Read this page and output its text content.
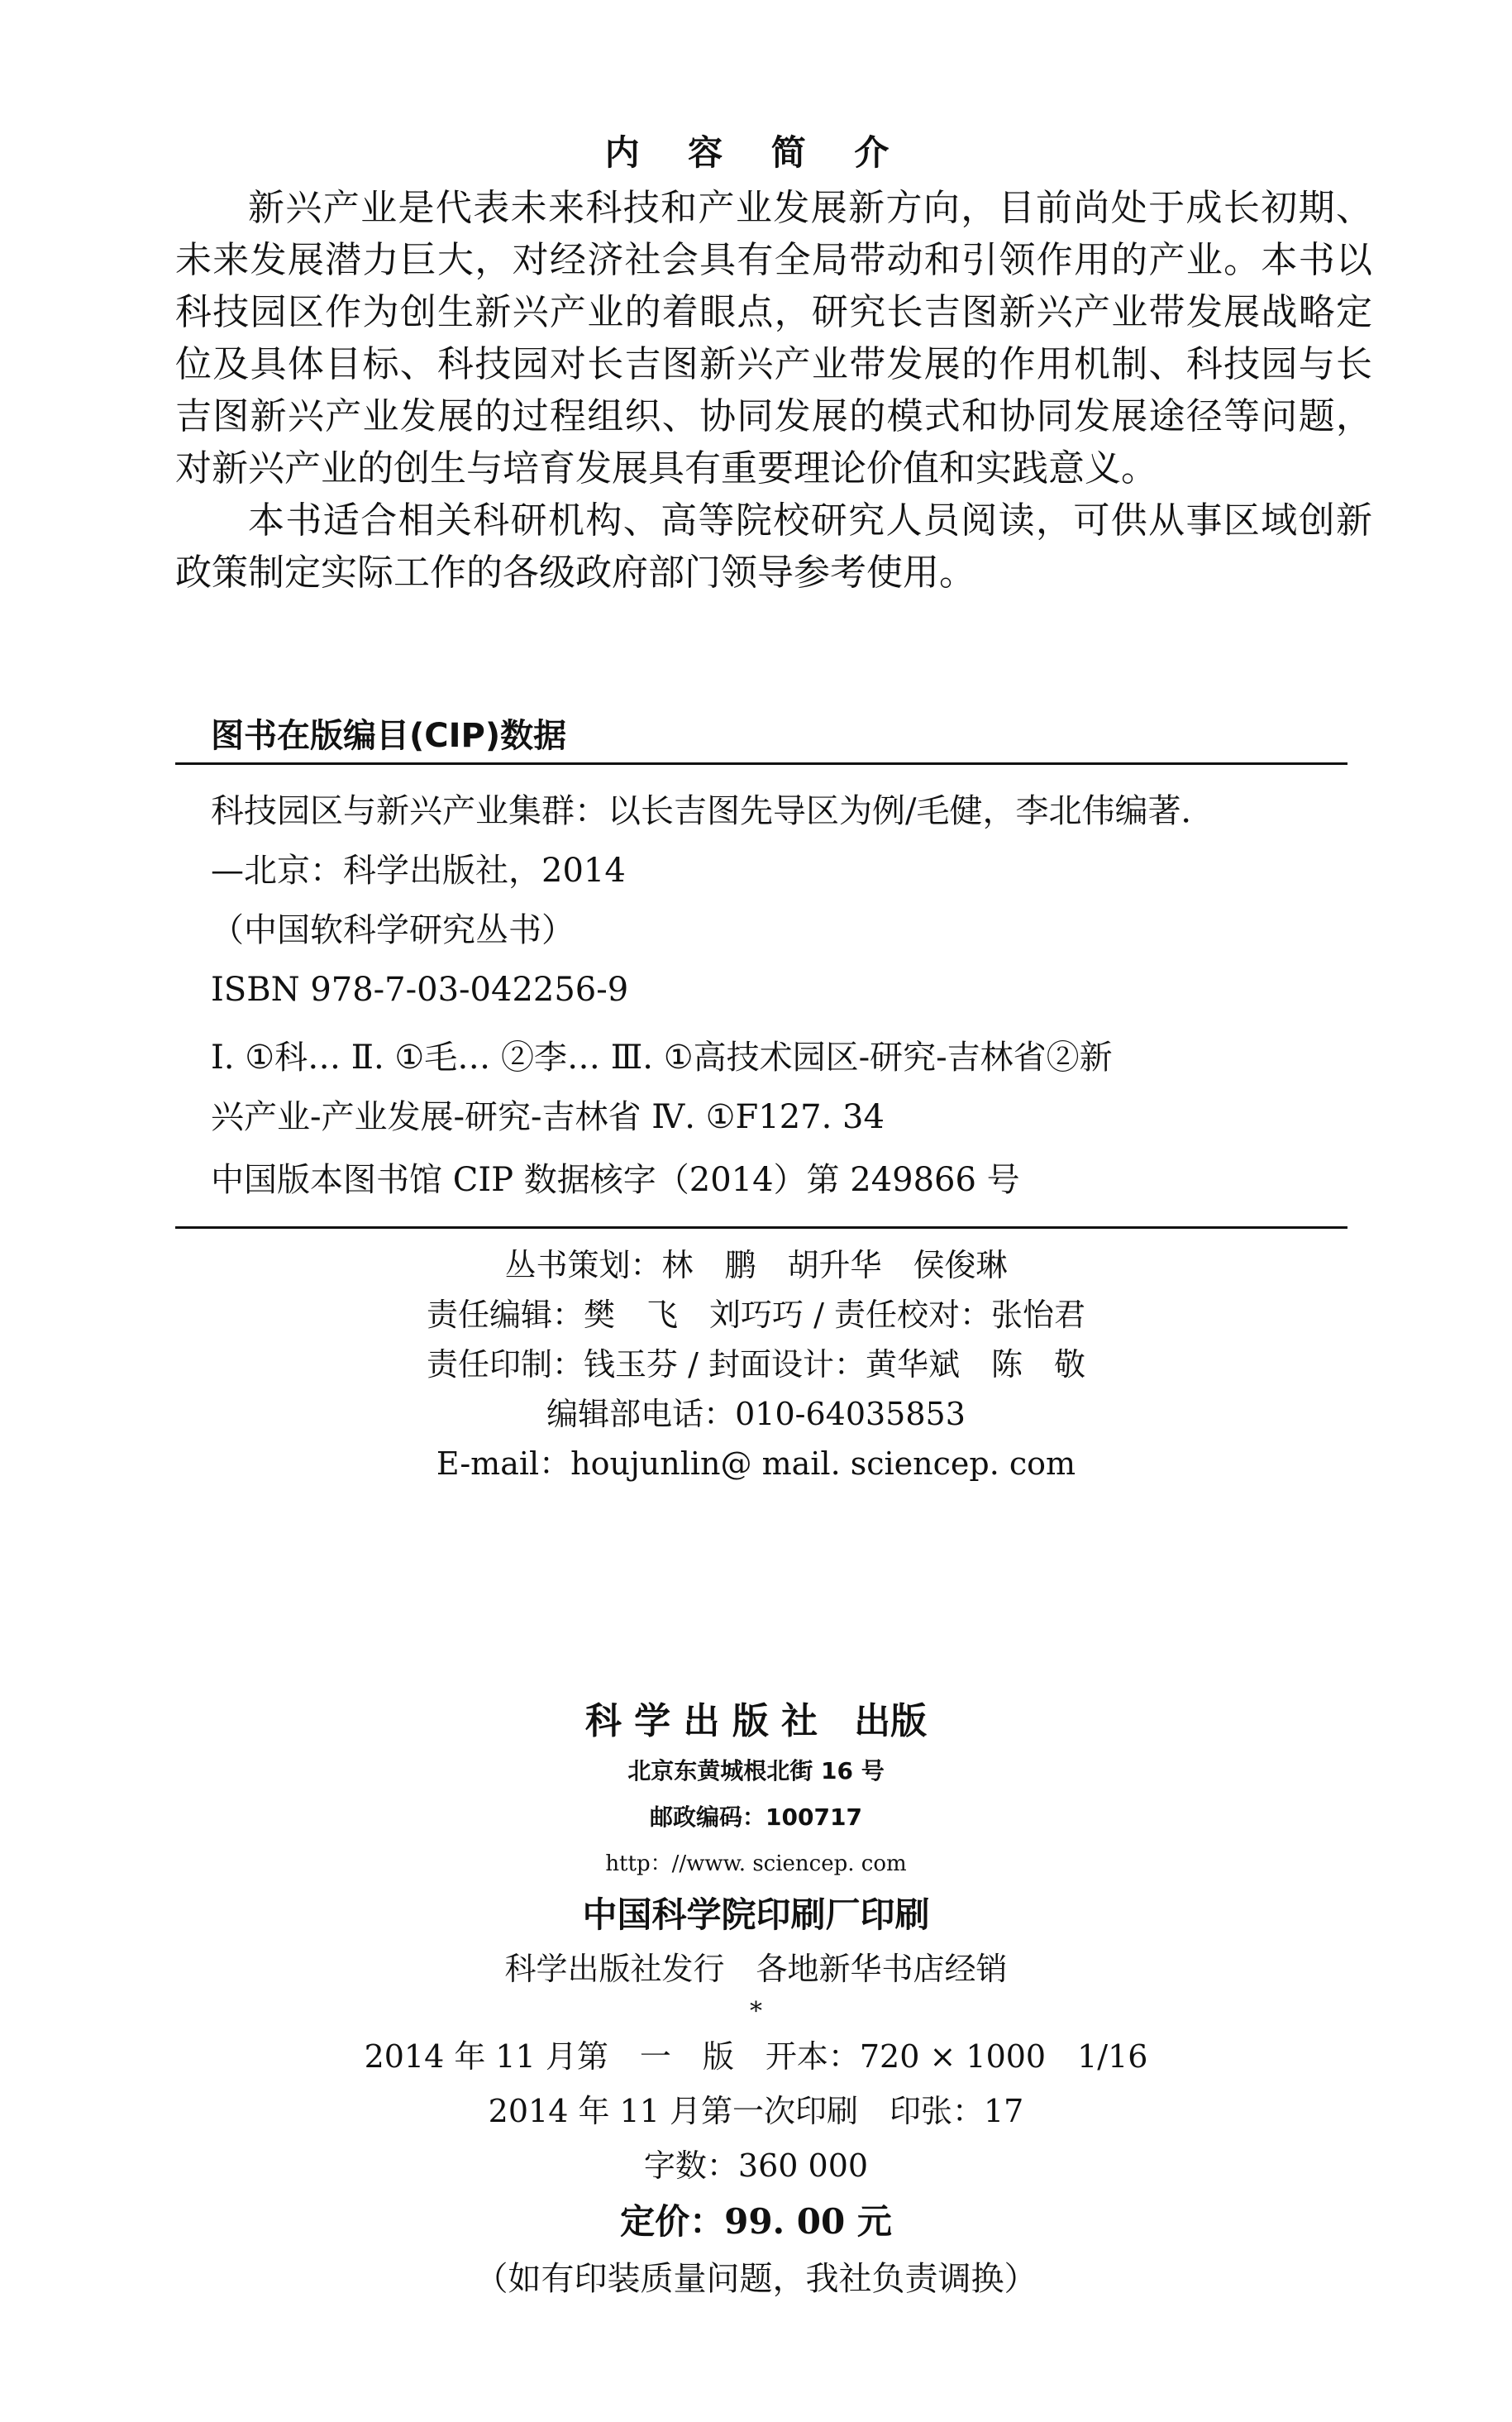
内 容 简 介

新兴产业是代表未来科技和产业发展新方向，目前尚处于成长初期、未来发展潜力巨大，对经济社会具有全局带动和引领作用的产业。本书以科技园区作为创生新兴产业的着眼点，研究长吉图新兴产业带发展战略定位及具体目标、科技园对长吉图新兴产业带发展的作用机制、科技园与长吉图新兴产业发展的过程组织、协同发展的模式和协同发展途径等问题，对新兴产业的创生与培育发展具有重要理论价值和实践意义。

本书适合相关科研机构、高等院校研究人员阅读，可供从事区域创新政策制定实际工作的各级政府部门领导参考使用。

图书在版编目(CIP)数据
科技园区与新兴产业集群：以长吉图先导区为例/毛健，李北伟编著．
—北京：科学出版社，2014
（中国软科学研究丛书）
ISBN 978-7-03-042256-9
Ⅰ. ①科… Ⅱ. ①毛… ②李… Ⅲ. ①高技术园区-研究-吉林省②新
兴产业-产业发展-研究-吉林省 Ⅳ. ①F127. 34
中国版本图书馆 CIP 数据核字（2014）第 249866 号
丛书策划：林　鹏　胡升华　侯俊琳
责任编辑：樊　飞　刘巧巧 / 责任校对：张怡君
责任印制：钱玉芬 / 封面设计：黄华斌　陈　敬
编辑部电话：010-64035853
E-mail：houjunlin@ mail. sciencep. com
科 学 出 版 社　出版
北京东黄城根北街 16 号
邮政编码：100717
http：//www. sciencep. com
中国科学院印刷厂印刷
科学出版社发行　各地新华书店经销
*
2014 年 11 月第　一　版　开本：720 × 1000　1/16
2014 年 11 月第一次印刷　印张：17
字数：360 000
定价：99. 00 元
（如有印装质量问题，我社负责调换）
